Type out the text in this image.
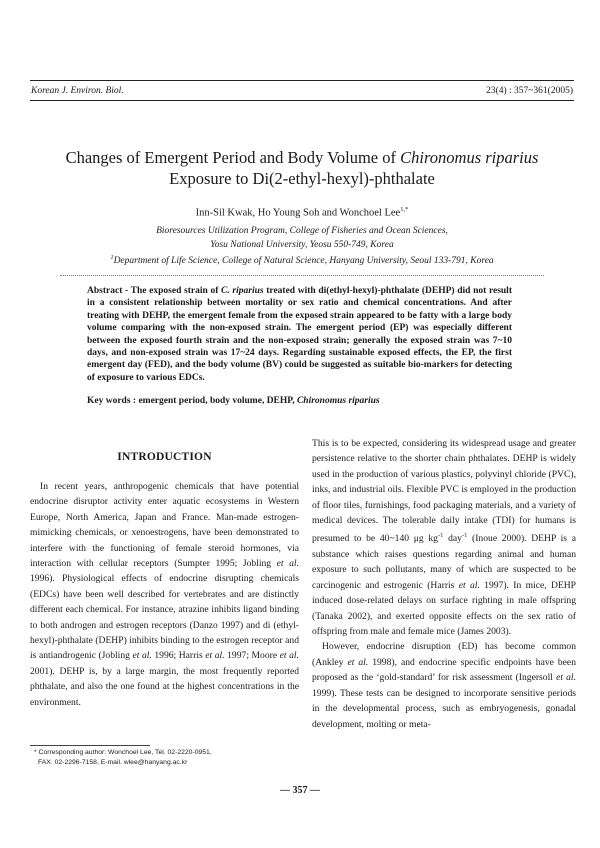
Korean J. Environ. Biol.	23(4) : 357~361(2005)
Changes of Emergent Period and Body Volume of Chironomus riparius
Exposure to Di(2-ethyl-hexyl)-phthalate
Inn-Sil Kwak, Ho Young Soh and Wonchoel Lee$^{1,*}$
Bioresources Utilization Program, College of Fisheries and Ocean Sciences,
Yosu National University, Yeosu 550-749, Korea
$^1$Department of Life Science, College of Natural Science, Hanyang University, Seoul 133-791, Korea
Abstract - The exposed strain of C. riparius treated with di(ethyl-hexyl)-phthalate (DEHP) did not result in a consistent relationship between mortality or sex ratio and chemical concentrations. And after treating with DEHP, the emergent female from the exposed strain appeared to be fatty with a large body volume comparing with the non-exposed strain. The emergent period (EP) was especially different between the exposed fourth strain and the non-exposed strain; generally the exposed strain was 7~10 days, and non-exposed strain was 17~24 days. Regarding sustainable exposed effects, the EP, the first emergent day (FED), and the body volume (BV) could be suggested as suitable bio-markers for detecting of exposure to various EDCs.
Key words : emergent period, body volume, DEHP, Chironomus riparius
INTRODUCTION

In recent years, anthropogenic chemicals that have potential endocrine disruptor activity enter aquatic ecosystems in Western Europe, North America, Japan and France. Man-made estrogen-mimicking chemicals, or xenoestrogens, have been demonstrated to interfere with the functioning of female steroid hormones, via interaction with cellular receptors (Sumpter 1995; Jobling et al. 1996). Physiological effects of endocrine disrupting chemicals (EDCs) have been well described for vertebrates and are distinctly different each chemical. For instance, atrazine inhibits ligand binding to both androgen and estrogen receptors (Danzo 1997) and di (ethyl-hexyl)-phthalate (DEHP) inhibits binding to the estrogen receptor and is antiandrogenic (Jobling et al. 1996; Harris et al. 1997; Moore et al. 2001). DEHP is, by a large margin, the most frequently reported phthalate, and also the one found at the highest concentrations in the environment.

This is to be expected, considering its widespread usage and greater persistence relative to the shorter chain phthalates. DEHP is widely used in the production of various plastics, polyvinyl chloride (PVC), inks, and industrial oils. Flexible PVC is employed in the production of floor tiles, furnishings, food packaging materials, and a variety of medical devices. The tolerable daily intake (TDI) for humans is presumed to be 40~140 μg $kg^{-1}$ day$^{-1}$ (Inoue 2000). DEHP is a substance which raises questions regarding animal and human exposure to such pollutants, many of which are suspected to be carcinogenic and estrogenic (Harris et al. 1997). In mice, DEHP induced dose-related delays on surface righting in male offspring (Tanaka 2002), and exerted opposite effects on the sex ratio of offspring from male and female mice (James 2003).

However, endocrine disruption (ED) has become common (Ankley et al. 1998), and endocrine specific endpoints have been proposed as the ‘gold-standard’ for risk assessment (Ingersoll et al. 1999). These tests can be designed to incorporate sensitive periods in the developmental process, such as embryogenesis, gonadal development, molting or meta-

* Corresponding author: Wonchoel Lee, Tel. 02-2220-0951,
FAX. 02-2296-7158, E-mail. wlee@hanyang.ac.kr
— 357 —
